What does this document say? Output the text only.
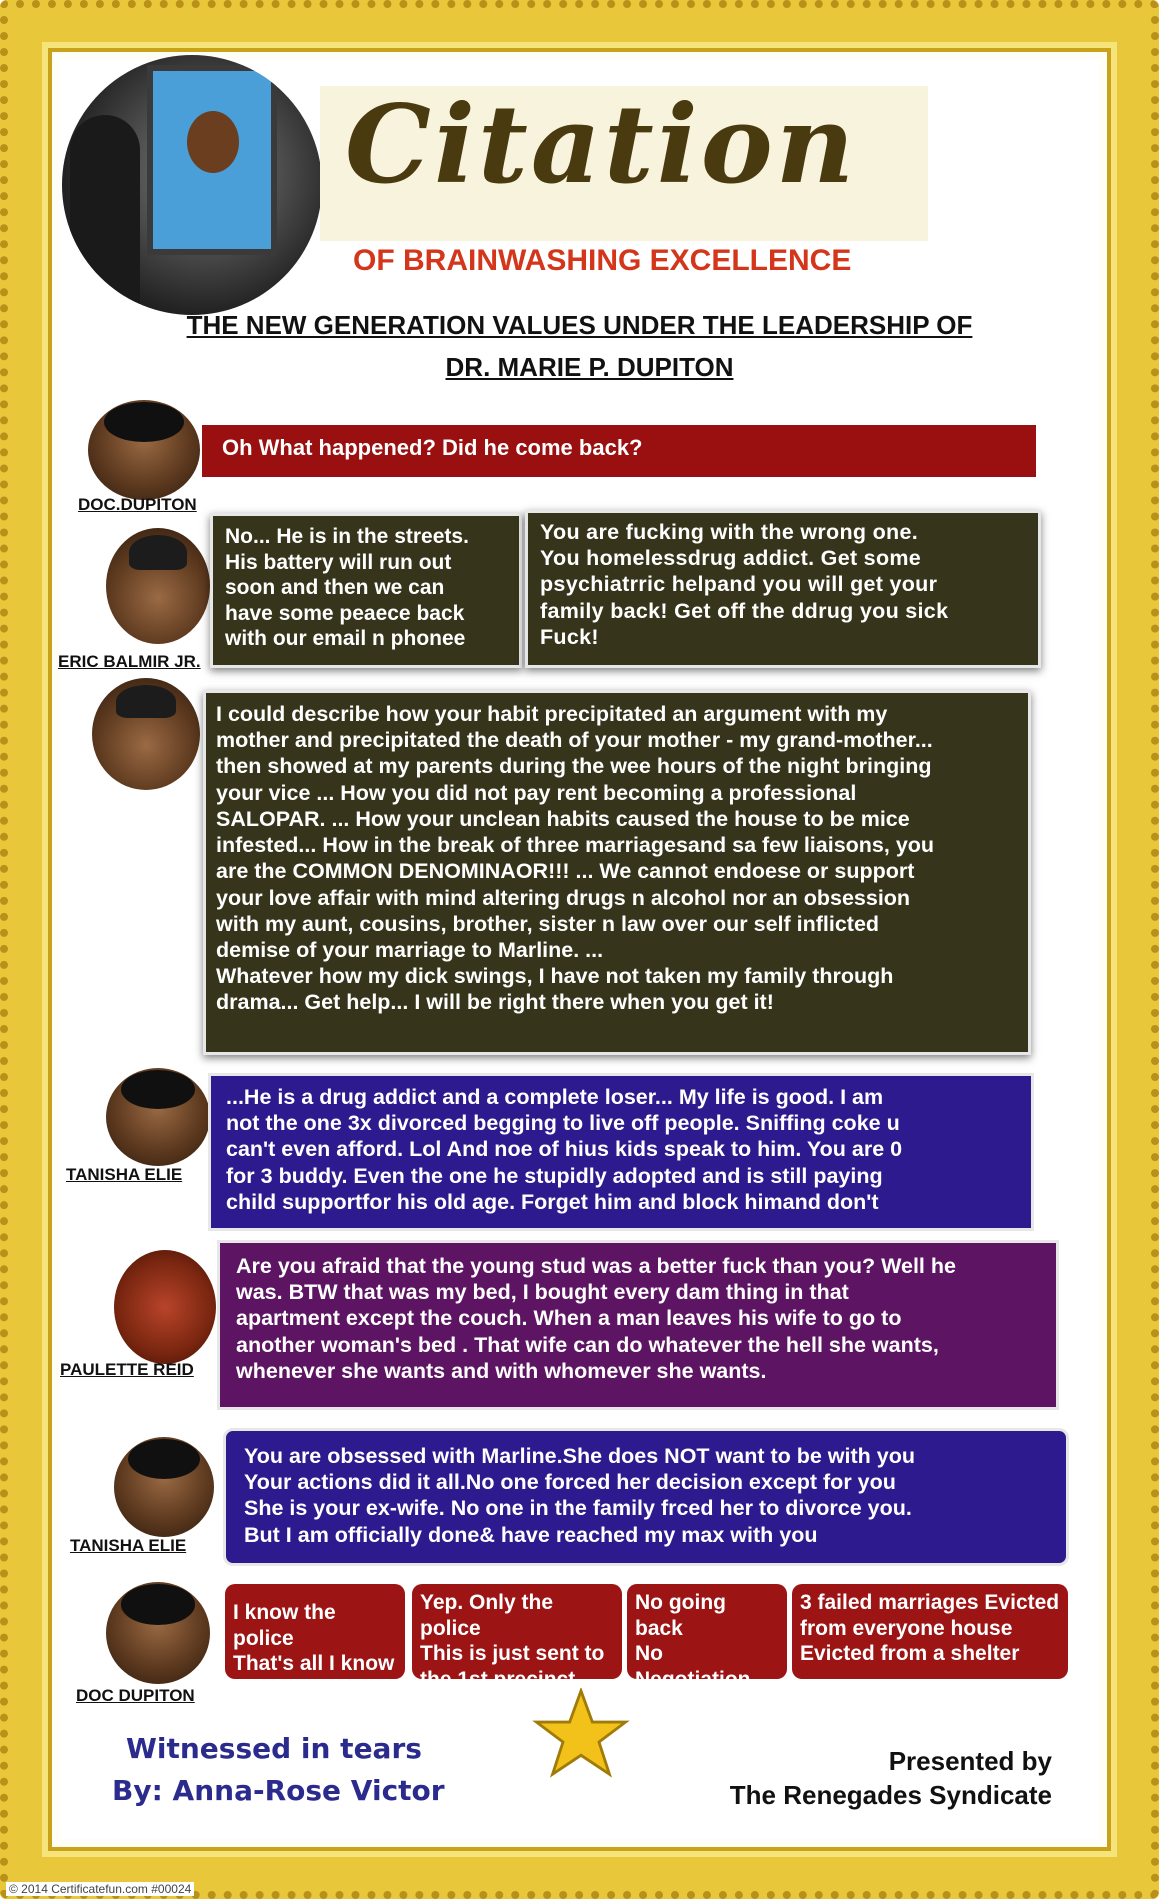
Citation
OF BRAINWASHING EXCELLENCE
THE NEW GENERATION VALUES UNDER THE LEADERSHIP OF
DR. MARIE P. DUPITON
DOC.DUPITON
Oh What happened? Did he come back?
ERIC BALMIR JR.
No... He is in the streets.
His battery will run out
soon and then we can
have some peaece back
with our email n phonee
You are fucking with the wrong one.
You homelessdrug addict. Get some
psychiatrric helpand you will get your
family back! Get off the ddrug you sick
Fuck!
I could describe how your habit precipitated an argument with my
mother and precipitated the death of your mother - my grand-mother...
then showed at my parents during the wee hours of the night bringing
your vice ... How you did not pay rent becoming a professional
SALOPAR. ... How your unclean habits caused the house to be mice
infested... How in the break of three marriagesand sa few liaisons, you
are the COMMON DENOMINAOR!!! ... We cannot endoese or support
your love affair with mind altering drugs n alcohol nor an obsession
with my aunt, cousins, brother, sister n law over our self inflicted
demise of your marriage to Marline. ...
Whatever how my dick swings, I have not taken my family through
drama... Get help... I will be right there when you get it!
TANISHA ELIE
...He is a drug addict and a complete loser... My life is good. I am
not the one 3x divorced begging to live off people. Sniffing coke u
can't even afford. Lol And noe of hius kids speak to him. You are 0
for 3 buddy. Even the one he stupidly adopted and is still paying
child supportfor his old age. Forget him and block himand don't
PAULETTE REID
Are you afraid that the young stud was a better fuck than you? Well he
was. BTW that was my bed, I bought every dam thing in that
apartment except the couch. When a man leaves his wife to go to
another woman's bed . That wife can do whatever the hell she wants,
whenever she wants and with whomever she wants.
TANISHA ELIE
You are obsessed with Marline.She does NOT want to be with you
Your actions did it all.No one forced her decision except for you
She is your ex-wife. No one in the family frced her to divorce you.
But I am officially done& have reached my max with you
DOC DUPITON
I know the police
That's all I know
Yep. Only the police
This is just sent to
the 1st precinct
No going back
No Negotiation
PSYCHO
3 failed marriages Evicted
from everyone house
Evicted from a shelter
Witnessed in tears
By: Anna-Rose Victor
Presented by
The Renegades Syndicate
© 2014 Certificatefun.com #00024
